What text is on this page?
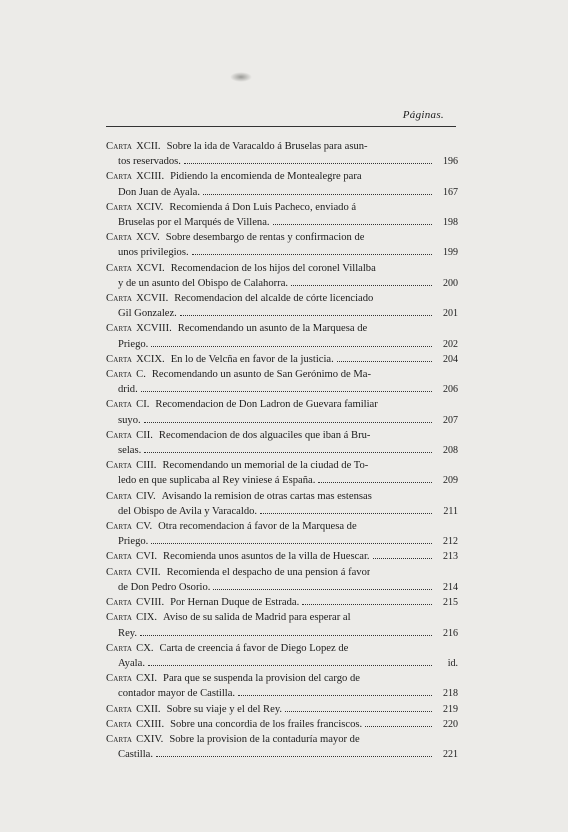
Páginas.
Carta XCII. Sobre la ida de Varacaldo á Bruselas para asun-
tos reservados.	196
Carta XCIII. Pidiendo la encomienda de Montealegre para
Don Juan de Ayala.	167
Carta XCIV. Recomienda á Don Luis Pacheco, enviado á
Bruselas por el Marqués de Villena.	198
Carta XCV. Sobre desembargo de rentas y confirmacion de
unos privilegios.	199
Carta XCVI. Recomendacion de los hijos del coronel Villalba
y de un asunto del Obispo de Calahorra.	200
Carta XCVII. Recomendacion del alcalde de córte licenciado
Gil Gonzalez.	201
Carta XCVIII. Recomendando un asunto de la Marquesa de
Priego.	202
Carta XCIX. En lo de Velcña en favor de la justicia.	204
Carta C. Recomendando un asunto de San Gerónimo de Ma-
drid.	206
Carta CI. Recomendacion de Don Ladron de Guevara familiar
suyo.	207
Carta CII. Recomendacion de dos alguaciles que iban á Bru-
selas.	208
Carta CIII. Recomendando un memorial de la ciudad de To-
ledo en que suplicaba al Rey viniese á España.	209
Carta CIV. Avisando la remision de otras cartas mas estensas
del Obispo de Avila y Varacaldo.	211
Carta CV. Otra recomendacion á favor de la Marquesa de
Priego.	212
Carta CVI. Recomienda unos asuntos de la villa de Huescar.	213
Carta CVII. Recomienda el despacho de una pension á favor
de Don Pedro Osorio.	214
Carta CVIII. Por Hernan Duque de Estrada.	215
Carta CIX. Aviso de su salida de Madrid para esperar al
Rey.	216
Carta CX. Carta de creencia á favor de Diego Lopez de
Ayala.	id.
Carta CXI. Para que se suspenda la provision del cargo de
contador mayor de Castilla.	218
Carta CXII. Sobre su viaje y el del Rey.	219
Carta CXIII. Sobre una concordia de los frailes franciscos.	220
Carta CXIV. Sobre la provision de la contaduría mayor de
Castilla.	221
